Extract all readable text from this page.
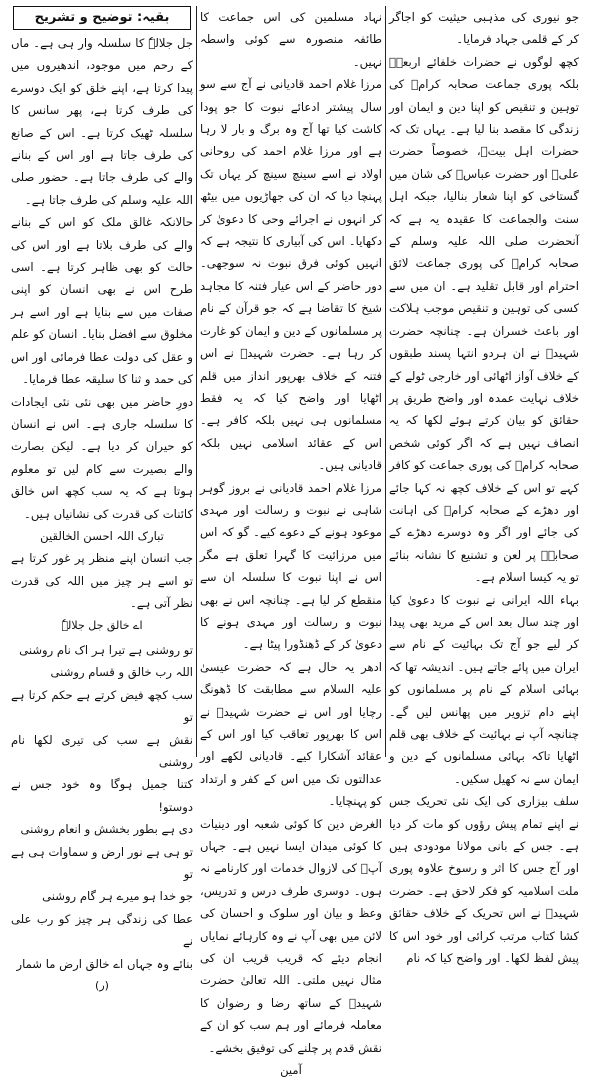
جو نیوری کی مذہبی حیثیت کو اجاگر کر کے قلمی جہاد فرمایا۔

کچھ لوگوں نے حضرات خلفائے اربعہؓ بلکہ پوری جماعت صحابہ کرامؓ کی توہین و تنقیص کو اپنا دین و ایمان اور زندگی کا مقصد بنا لیا ہے۔ یہاں تک کہ حضرات اہل بیتؓ، خصوصاً حضرت علیؓ اور حضرت عباسؓ کی شان میں گستاخی کو اپنا شعار بنالیا، جبکہ اہل سنت والجماعت کا عقیدہ یہ ہے کہ آنحضرت صلی اللہ علیہ وسلم کے صحابہ کرامؓ کی پوری جماعت لائق احترام اور قابل تقلید ہے۔ ان میں سے کسی کی توہین و تنقیص موجب ہلاکت اور باعث خسران ہے۔ چنانچہ حضرت شہیدؒ نے ان ہردو انتہا پسند طبقوں کے خلاف آواز اٹھائی اور خارجی ٹولے کے خلاف نہایت عمدہ اور واضح طریق پر حقائق کو بیان کرتے ہوئے لکھا کہ یہ انصاف نہیں ہے کہ اگر کوئی شخص صحابہ کرامؓ کی پوری جماعت کو کافر کہے تو اس کے خلاف کچھ نہ کہا جائے اور دھڑے کے صحابہ کرامؓ کی اہانت کی جائے اور اگر وہ دوسرے دھڑے کے صحابہؓ پر لعن و تشنیع کا نشانہ بنائے تو یہ کیسا اسلام ہے۔

بہاء اللہ ایرانی نے نبوت کا دعویٰ کیا اور چند سال بعد اس کے مرید بھی پیدا کر لیے جو آج تک بہائیت کے نام سے ایران میں پائے جاتے ہیں۔ اندیشہ تھا کہ بہائی اسلام کے نام پر مسلمانوں کو اپنے دام تزویر میں پھانس لیں گے۔ چنانچہ آپ نے بہائیت کے خلاف بھی قلم اٹھایا تاکہ بہائی مسلمانوں کے دین و ایمان سے نہ کھیل سکیں۔

سلف بیزاری کی ایک نئی تحریک جس نے اپنے تمام پیش رؤوں کو مات کر دیا ہے۔ جس کے بانی مولانا مودودی ہیں اور آج جس کا اثر و رسوخ علاوہ پوری ملت اسلامیہ کو فکر لاحق ہے۔ حضرت شہیدؒ نے اس تحریک کے خلاف حقائق کشا کتاب مرتب کرائی اور خود اس کا پیش لفظ لکھا۔ اور واضح کیا کہ نام

نہاد مسلمین کی اس جماعت کا طائفہ منصورہ سے کوئی واسطہ نہیں۔

مرزا غلام احمد قادیانی نے آج سے سو سال پیشتر ادعائے نبوت کا جو پودا کاشت کیا تھا آج وہ برگ و بار لا رہا ہے اور مرزا غلام احمد کی روحانی اولاد نے اسے سینچ سینچ کر یہاں تک پہنچا دیا کہ ان کی جھاڑیوں میں بیٹھ کر انہوں نے اجرائے وحی کا دعویٰ کر دکھایا۔ اس کی آبیاری کا نتیجہ ہے کہ انہیں کوئی فرق نبوت نہ سوجھی۔ دور حاضر کے اس عیار فتنہ کا مجاہد شیخ کا تقاضا ہے کہ جو قرآن کے نام پر مسلمانوں کے دین و ایمان کو غارت کر رہا ہے۔ حضرت شہیدؒ نے اس فتنہ کے خلاف بھرپور انداز میں قلم اٹھایا اور واضح کیا کہ یہ فقط مسلمانوں ہی نہیں بلکہ کافر ہے۔ اس کے عقائد اسلامی نہیں بلکہ قادیانی ہیں۔

مرزا غلام احمد قادیانی نے بروز گوہر شاہی نے نبوت و رسالت اور مہدی موعود ہونے کے دعوے کیے۔ گو کہ اس میں مرزائیت کا گہرا تعلق ہے مگر اس نے اپنا نبوت کا سلسلہ ان سے منقطع کر لیا ہے۔ چنانچہ اس نے بھی نبوت و رسالت اور مہدی ہونے کا دعویٰ کر کے ڈھنڈورا پیٹا ہے۔

ادھر یہ حال ہے کہ حضرت عیسیٰ علیہ السلام سے مطابقت کا ڈھونگ رچایا اور اس نے حضرت شہیدؒ نے اس کا بھرپور تعاقب کیا اور اس کے عقائد آشکارا کیے۔ قادیانی لکھے اور عدالتوں تک میں اس کے کفر و ارتداد کو پہنچایا۔

الغرض دین کا کوئی شعبہ اور دینیات کا کوئی میدان ایسا نہیں ہے۔ جہاں آپؒ کی لازوال خدمات اور کارنامے نہ ہوں۔ دوسری طرف درس و تدریس، وعظ و بیان اور سلوک و احسان کی لائن میں بھی آپ نے وہ کارہائے نمایاں انجام دیئے کہ قریب قریب ان کی مثال نہیں ملتی۔ اللہ تعالیٰ حضرت شہیدؒ کے ساتھ رضا و رضوان کا معاملہ فرمائے اور ہم سب کو ان کے نقش قدم پر چلنے کی توفیق بخشے۔

آمین

بقیہ: توضیح و تشریح

جل جلالہٗ کا سلسلہ وار ہی ہے۔ ماں کے رحم میں موجود، اندھیروں میں پیدا کرتا ہے، اپنے خلق کو ایک دوسرے کی طرف کرتا ہے، پھر سانس کا سلسلہ ٹھیک کرتا ہے۔ اس کے صانع کی طرف جاتا ہے اور اس کے بنانے والے کی طرف جاتا ہے۔ حضور صلی اللہ علیہ وسلم کی طرف جاتا ہے۔

حالانکہ غالق ملک کو اس کے بنانے والے کی طرف بلاتا ہے اور اس کی حالت کو بھی ظاہر کرتا ہے۔ اسی طرح اس نے بھی انسان کو اپنی صفات میں سے بنایا ہے اور اسے ہر مخلوق سے افضل بنایا۔ انسان کو علم و عقل کی دولت عطا فرمائی اور اس کی حمد و ثنا کا سلیقہ عطا فرمایا۔

دورِ حاضر میں بھی نئی نئی ایجادات کا سلسلہ جاری ہے۔ اس نے انسان کو حیران کر دیا ہے۔ لیکن بصارت والے بصیرت سے کام لیں تو معلوم ہوتا ہے کہ یہ سب کچھ اس خالق کائنات کی قدرت کی نشانیاں ہیں۔

تبارک اللہ احسن الخالقین

جب انسان اپنے منظر پر غور کرتا ہے تو اسے ہر چیز میں اللہ کی قدرت نظر آتی ہے۔

اے خالق جل جلالہٗ

تو روشنی ہے تیرا ہر اک نام روشنی
اللہ رب خالق و قسام روشنی
سب کچھ فیض کرتے ہے حکم کرتا ہے تو
نقش ہے سب کی تیری لکھا نام روشنی
کتنا جمیل ہوگا وہ خود جس نے دوستو!
دی ہے بطور بخشش و انعام روشنی
تو ہی ہے نور ارض و سماوات ہی ہے تو
جو خدا ہو میرے ہر گام روشنی
عطا کی زندگی ہر چیز کو رب علی نے
بنائے وہ جہاں اے خالق ارض ما شمار

(ر)
